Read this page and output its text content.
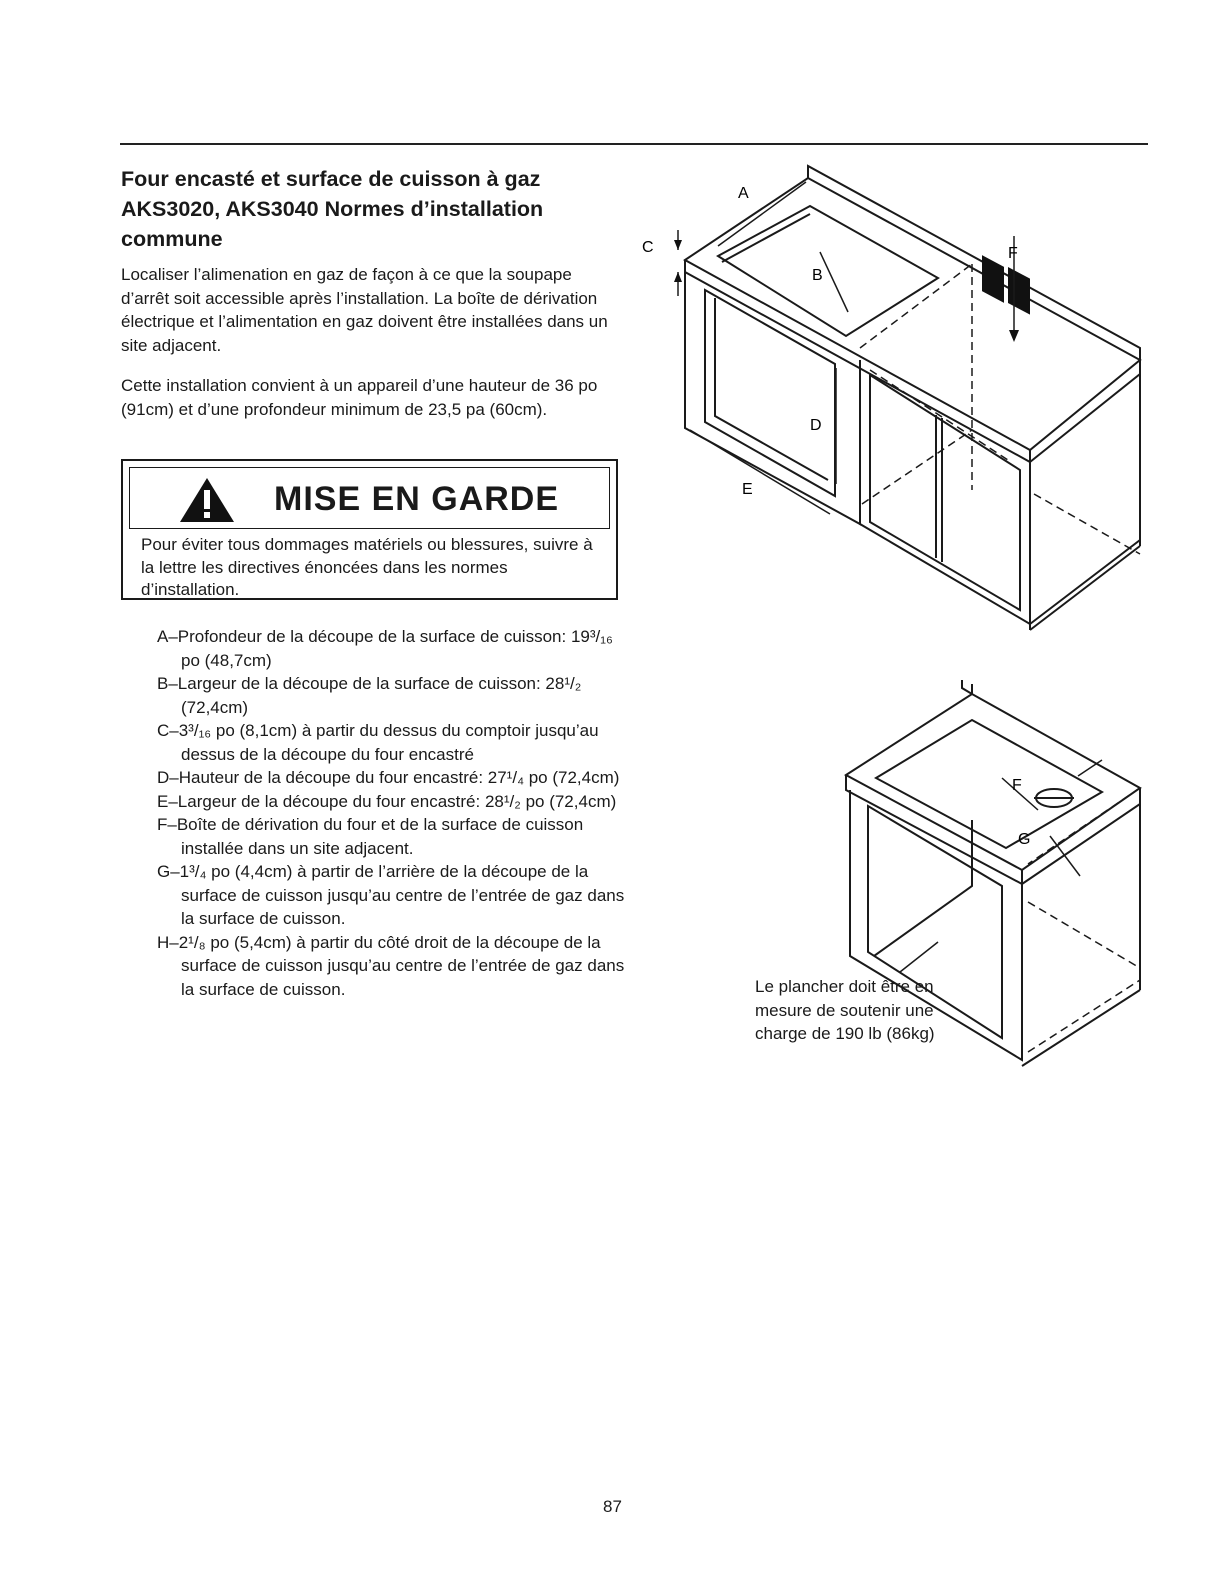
Four encasté et surface de cuisson à gaz
AKS3020, AKS3040 Normes d’installation
commune

Localiser l’alimenation en gaz de façon à ce que la soupape d’arrêt soit accessible après l’installation. La boîte de dérivation électrique et l’alimentation en gaz doivent être installées dans un site adjacent.

Cette installation convient à un appareil d’une hauteur de 36 po (91cm) et d’une profondeur minimum de 23,5 pa (60cm).

MISE EN GARDE

Pour éviter tous dommages matériels ou blessures, suivre à la lettre les directives énoncées dans les normes d’installation.

A–Profondeur de la découpe de la surface de cuisson: 19³/₁₆ po (48,7cm)
B–Largeur de la découpe de la surface de cuisson: 28¹/₂ (72,4cm)
C–3³/₁₆ po (8,1cm) à partir du dessus du comptoir jusqu’au dessus de la découpe du four encastré
D–Hauteur de la découpe du four encastré: 27¹/₄ po (72,4cm)
E–Largeur de la découpe du four encastré: 28¹/₂ po (72,4cm)
F–Boîte de dérivation du four et de la surface de cuisson installée dans un site adjacent.
G–1³/₄ po (4,4cm) à partir de l’arrière de la découpe de la surface de cuisson jusqu’au centre de l’entrée de gaz dans la surface de cuisson.
H–2¹/₈ po (5,4cm) à partir du côté droit de la découpe de la surface de cuisson jusqu’au centre de l’entrée de gaz dans la surface de cuisson.
A
B
C
D
E
F
F
G

Le plancher doit être en mesure de soutenir une charge de 190 lb (86kg)

87
